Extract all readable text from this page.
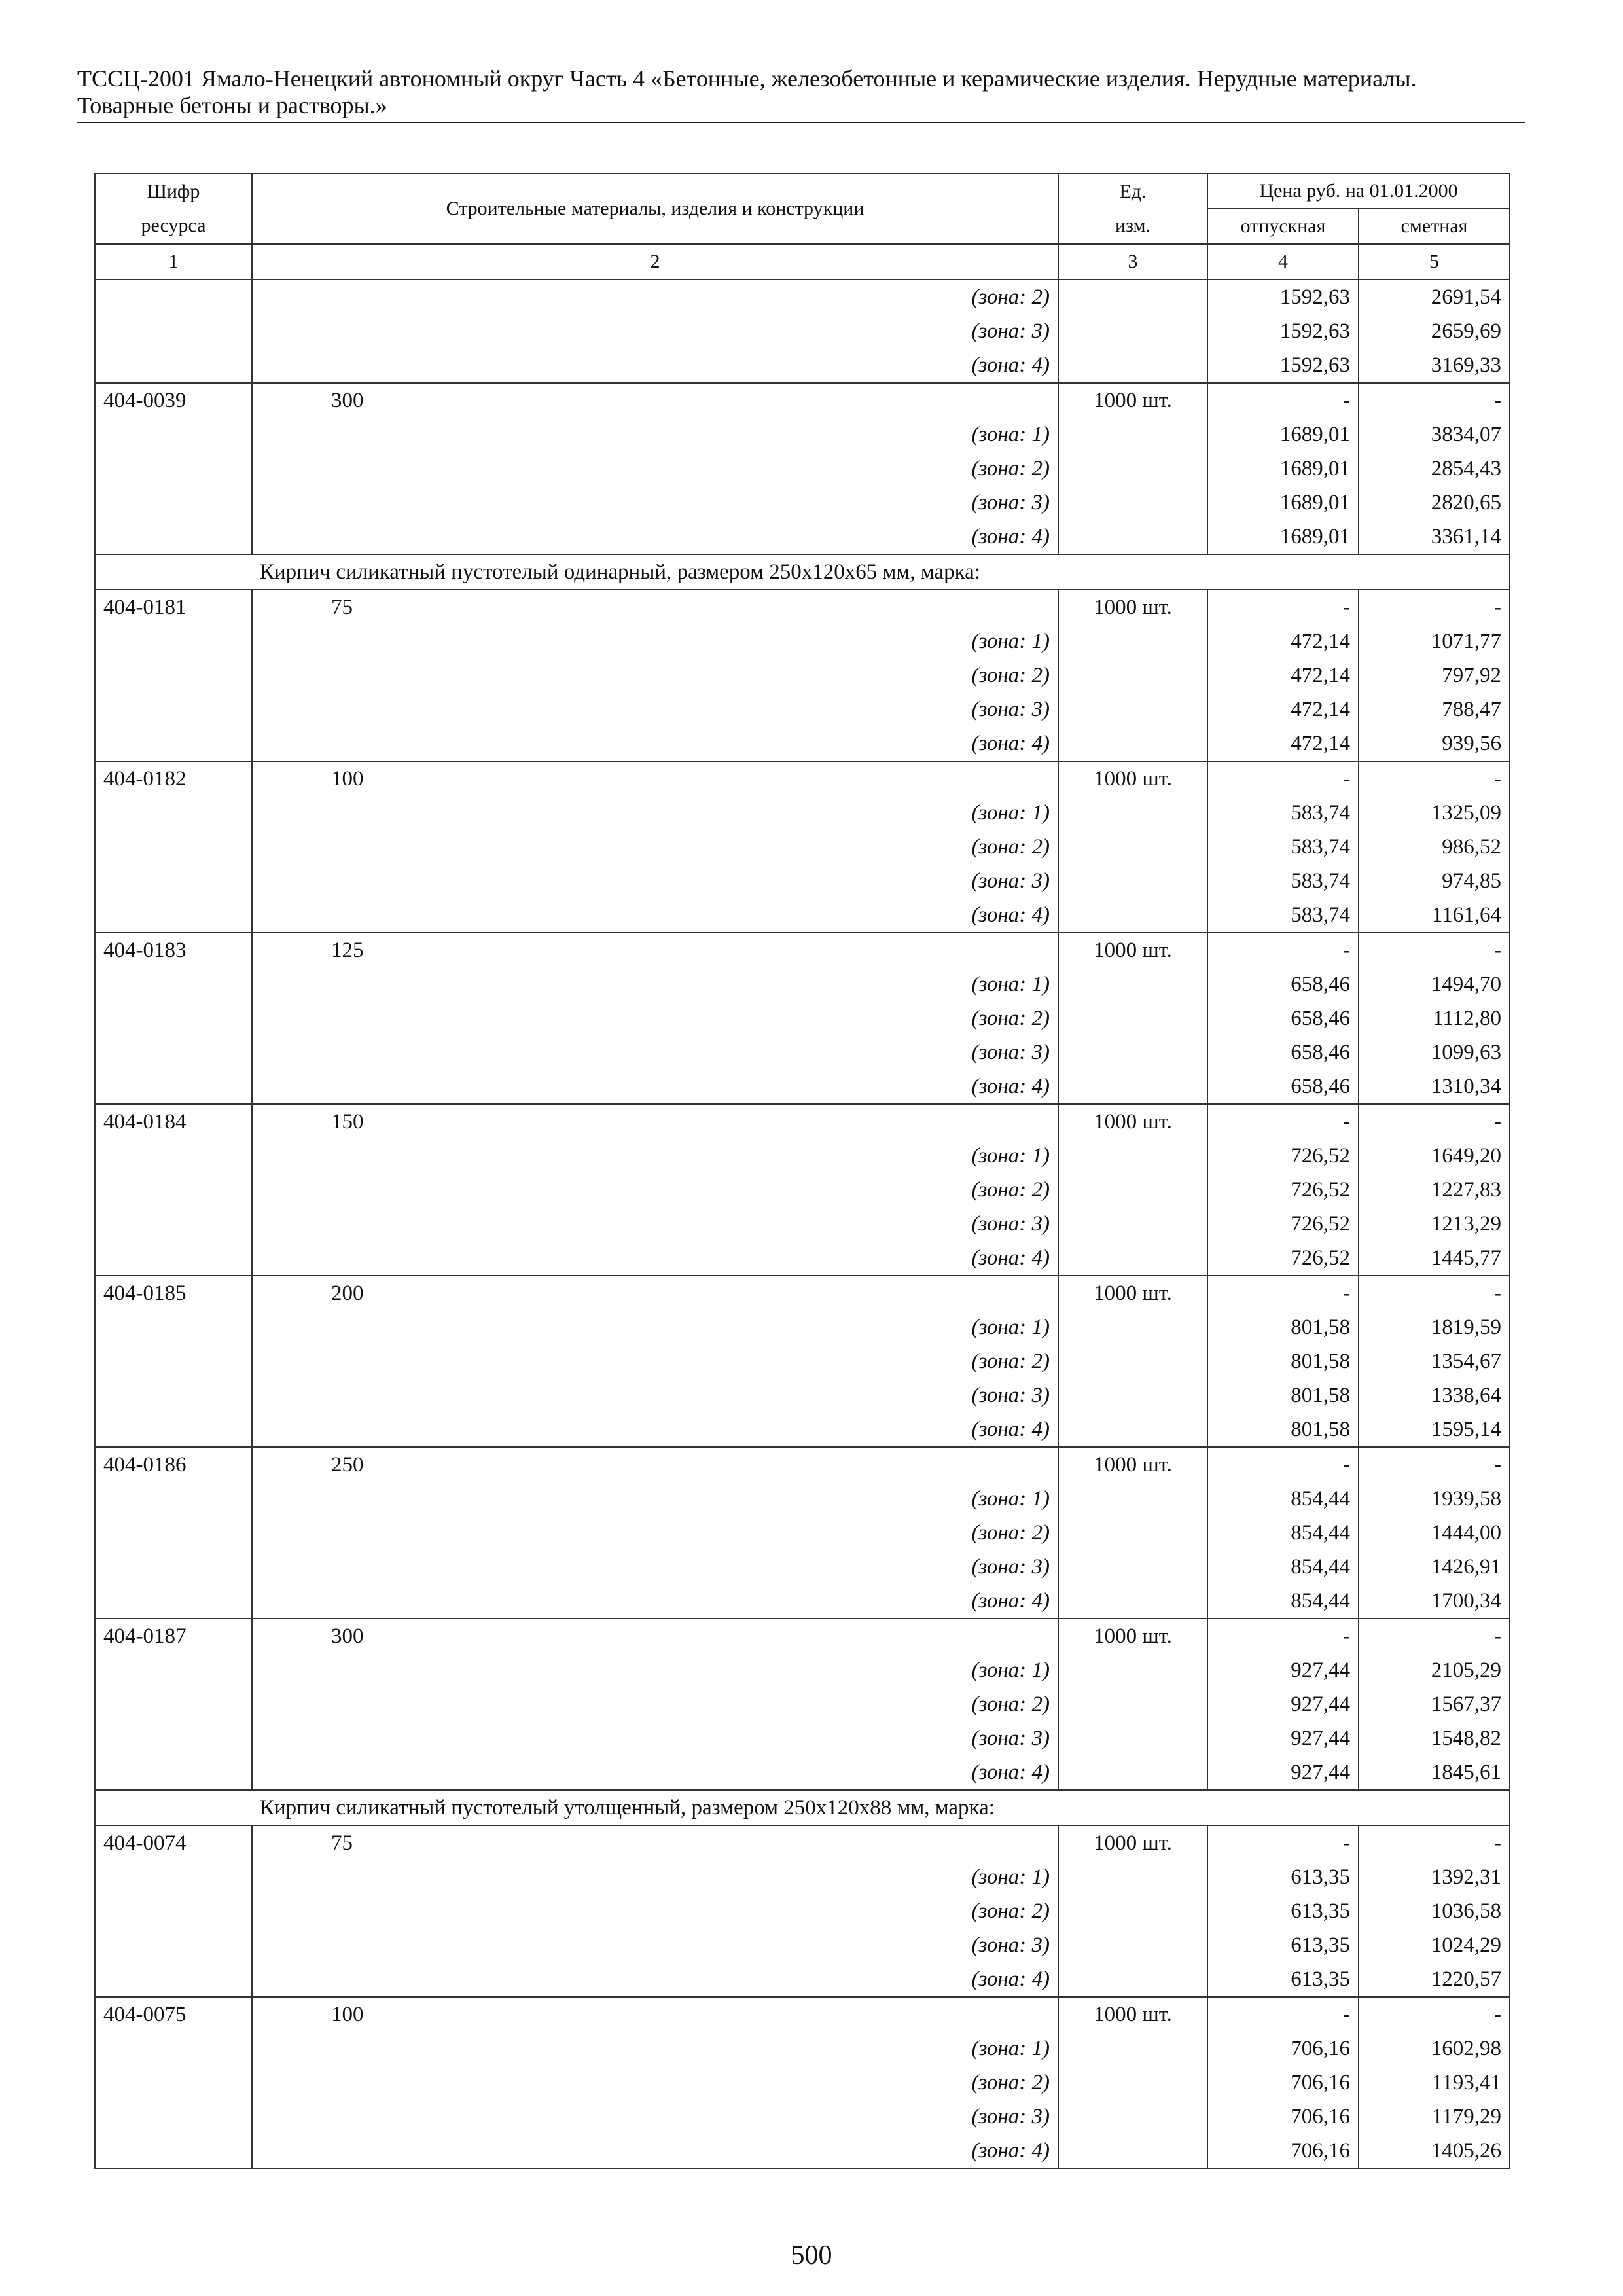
ТССЦ-2001 Ямало-Ненецкий автономный округ Часть 4 «Бетонные, железобетонные и керамические изделия. Нерудные материалы.
Товарные бетоны и растворы.»
Шифр ресурса	Строительные материалы, изделия и конструкции	Ед. изм.	Цена руб. на 01.01.2000	
			отпускная	сметная
1	2	3	4	5
	(зона: 2)		1592,63	2691,54
	(зона: 3)		1592,63	2659,69
	(зона: 4)		1592,63	3169,33
404-0039	300	1000 шт.	-	-
	(зона: 1)		1689,01	3834,07
	(зона: 2)		1689,01	2854,43
	(зона: 3)		1689,01	2820,65
	(зона: 4)		1689,01	3361,14
Кирпич силикатный пустотелый одинарный, размером 250х120х65 мм, марка:				
404-0181	75	1000 шт.	-	-
	(зона: 1)		472,14	1071,77
	(зона: 2)		472,14	797,92
	(зона: 3)		472,14	788,47
	(зона: 4)		472,14	939,56
404-0182	100	1000 шт.	-	-
	(зона: 1)		583,74	1325,09
	(зона: 2)		583,74	986,52
	(зона: 3)		583,74	974,85
	(зона: 4)		583,74	1161,64
404-0183	125	1000 шт.	-	-
	(зона: 1)		658,46	1494,70
	(зона: 2)		658,46	1112,80
	(зона: 3)		658,46	1099,63
	(зона: 4)		658,46	1310,34
404-0184	150	1000 шт.	-	-
	(зона: 1)		726,52	1649,20
	(зона: 2)		726,52	1227,83
	(зона: 3)		726,52	1213,29
	(зона: 4)		726,52	1445,77
404-0185	200	1000 шт.	-	-
	(зона: 1)		801,58	1819,59
	(зона: 2)		801,58	1354,67
	(зона: 3)		801,58	1338,64
	(зона: 4)		801,58	1595,14
404-0186	250	1000 шт.	-	-
	(зона: 1)		854,44	1939,58
	(зона: 2)		854,44	1444,00
	(зона: 3)		854,44	1426,91
	(зона: 4)		854,44	1700,34
404-0187	300	1000 шт.	-	-
	(зона: 1)		927,44	2105,29
	(зона: 2)		927,44	1567,37
	(зона: 3)		927,44	1548,82
	(зона: 4)		927,44	1845,61
Кирпич силикатный пустотелый утолщенный, размером 250х120х88 мм, марка:				
404-0074	75	1000 шт.	-	-
	(зона: 1)		613,35	1392,31
	(зона: 2)		613,35	1036,58
	(зона: 3)		613,35	1024,29
	(зона: 4)		613,35	1220,57
404-0075	100	1000 шт.	-	-
	(зона: 1)		706,16	1602,98
	(зона: 2)		706,16	1193,41
	(зона: 3)		706,16	1179,29
	(зона: 4)		706,16	1405,26
500
